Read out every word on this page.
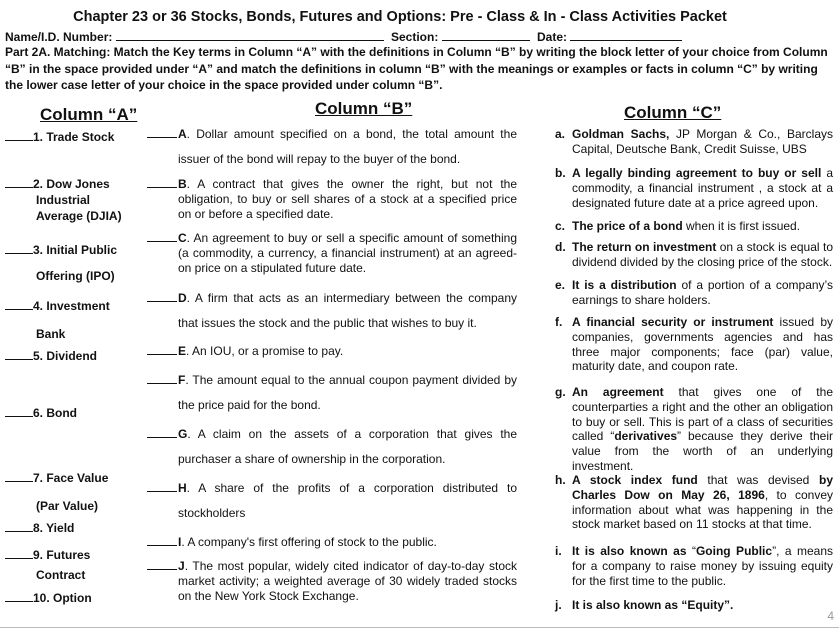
Chapter 23 or 36 Stocks, Bonds, Futures and Options: Pre - Class & In - Class Activities Packet
Name/I.D. Number:	Section:	Date:
Part 2A. Matching: Match the Key terms in Column “A” with the definitions in Column “B” by writing the block letter of your choice from Column “B” in the space provided under “A” and match the definitions in column “B” with the meanings or examples or facts in column “C” by writing the lower case letter of your choice in the space provided under column “B”.
Column “A”	Column “B”	Column “C”
1. Trade Stock
2. Dow Jones
Industrial
Average (DJIA)
3. Initial Public
Offering (IPO)
4. Investment
Bank
5. Dividend
6. Bond
7. Face Value
(Par Value)
8. Yield
9. Futures
Contract
10. Option
A. Dollar amount specified on a bond, the total amount the issuer of the bond will repay to the buyer of the bond.
B. A contract that gives the owner the right, but not the obligation, to buy or sell shares of a stock at a specified price on or before a specified date.
C. An agreement to buy or sell a specific amount of something (a commodity, a currency, a financial instrument) at an agreed-on price on a stipulated future date.
D. A firm that acts as an intermediary between the company that issues the stock and the public that wishes to buy it.
E. An IOU, or a promise to pay.
F. The amount equal to the annual coupon payment divided by the price paid for the bond.
G. A claim on the assets of a corporation that gives the purchaser a share of ownership in the corporation.
H. A share of the profits of a corporation distributed to stockholders
I. A company's first offering of stock to the public.
J. The most popular, widely cited indicator of day-to-day stock market activity; a weighted average of 30 widely traded stocks on the New York Stock Exchange.
a. Goldman Sachs, JP Morgan & Co., Barclays Capital, Deutsche Bank, Credit Suisse, UBS
b. A legally binding agreement to buy or sell a commodity, a financial instrument , a stock at a designated future date at a price agreed upon.
c. The price of a bond when it is first issued.
d. The return on investment on a stock is equal to dividend divided by the closing price of the stock.
e. It is a distribution of a portion of a company’s earnings to share holders.
f. A financial security or instrument issued by companies, governments agencies and has three major components; face (par) value, maturity date, and coupon rate.
g. An agreement that gives one of the counterparties a right and the other an obligation to buy or sell. This is part of a class of securities called “derivatives” because they derive their value from the worth of an underlying investment.
h. A stock index fund that was devised by Charles Dow on May 26, 1896, to convey information about what was happening in the stock market based on 11 stocks at that time.
i. It is also known as “Going Public”, a means for a company to raise money by issuing equity for the first time to the public.
j. It is also known as “Equity”.
4
